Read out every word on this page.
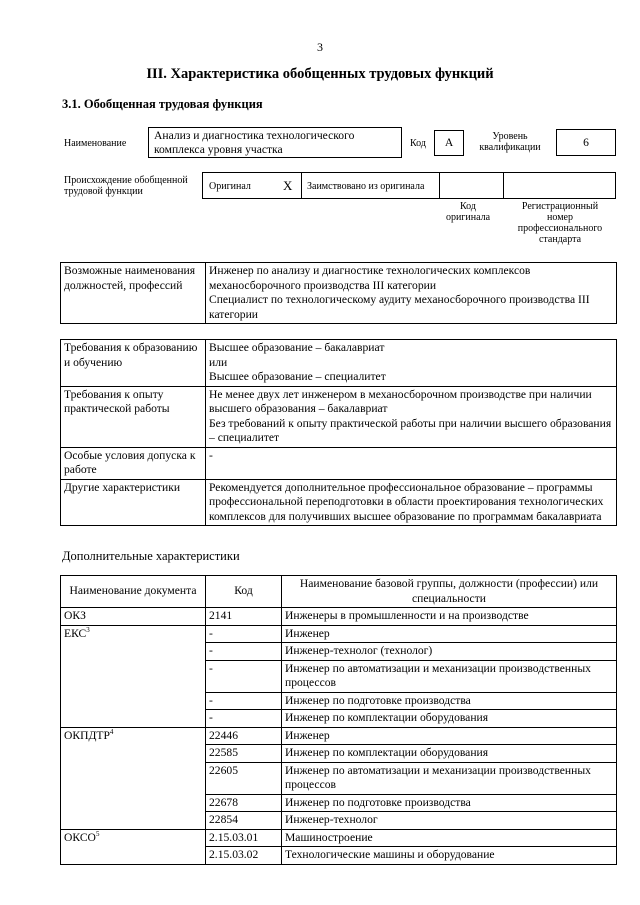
3
III. Характеристика обобщенных трудовых функций
3.1. Обобщенная трудовая функция
Наименование
Анализ и диагностика технологического комплекса уровня участка	Код	А	Уровень квалификации	6
Происхождение обобщенной трудовой функции	Оригинал X Заимствовано из оригинала
Код оригинала
Регистрационный номер профессионального стандарта
Возможные наименования должностей, профессий	
Инженер по анализу и диагностике технологических комплексов механосборочного производства III категории
Специалист по технологическому аудиту механосборочного производства III категории
Требования к образованию и обучению	Высшее образование – бакалавриат
или
Высшее образование – специалитет

Требования к опыту практической работы	Не менее двух лет инженером в механосборочном производстве при наличии высшего образования – бакалавриат
Без требований к опыту практической работы при наличии высшего образования – специалитет

Особые условия допуска к работе	-

Другие характеристики	Рекомендуется дополнительное профессиональное образование – программы профессиональной переподготовки в области проектирования технологических комплексов для получивших высшее образование по программам бакалавриата
Дополнительные характеристики
Наименование документа	Код	Наименование базовой группы, должности (профессии) или специальности
ОКЗ	2141	Инженеры в промышленности и на производстве
ЕКС$^3$	-	Инженер
	-	Инженер-технолог (технолог)
	-	Инженер по автоматизации и механизации производственных процессов
	-	Инженер по подготовке производства
	-	Инженер по комплектации оборудования
ОКПДТР$^4$	22446	Инженер
	22585	Инженер по комплектации оборудования
	22605	Инженер по автоматизации и механизации производственных процессов
	22678	Инженер по подготовке производства
	22854	Инженер-технолог
ОКСО$^5$	2.15.03.01	Машиностроение
	2.15.03.02	Технологические машины и оборудование
